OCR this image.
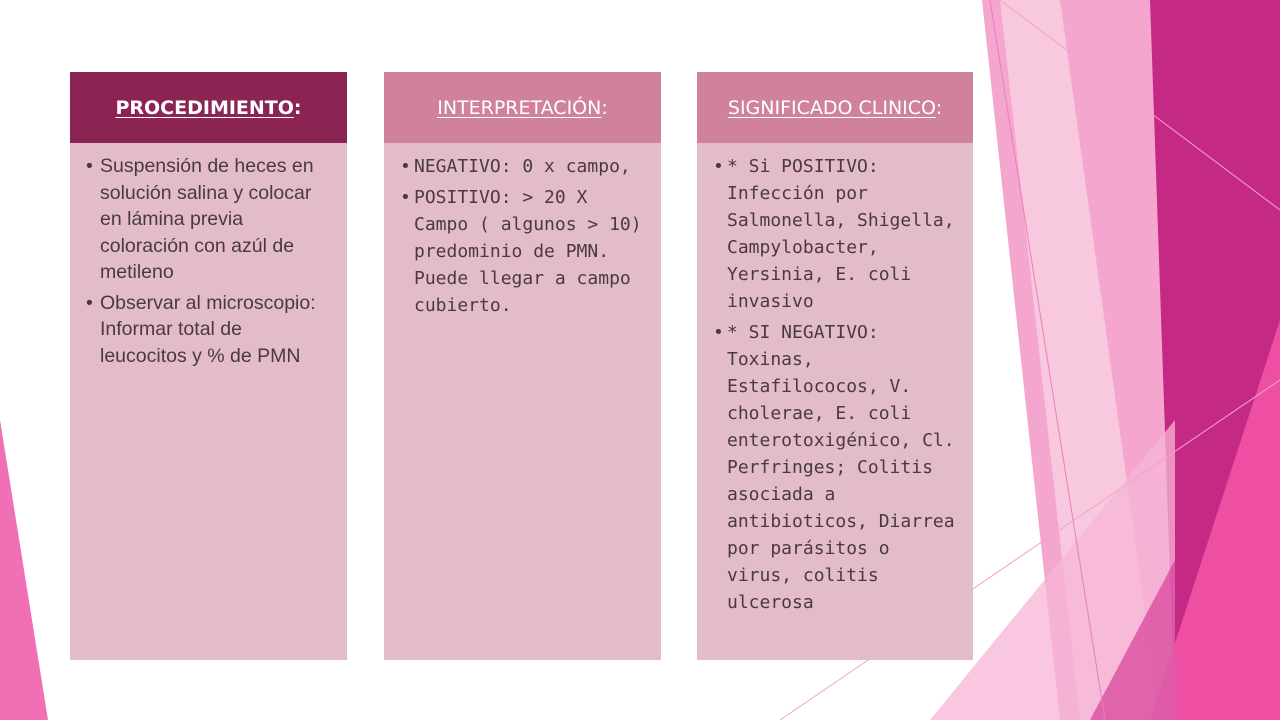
PROCEDIMIENTO:
• Suspensión de heces en solución salina y colocar en lámina previa coloración con azúl de metileno
• Observar al microscopio: Informar total de leucocitos y % de PMN
INTERPRETACIÓN:
• NEGATIVO: 0 x campo,
• POSITIVO: > 20 X Campo ( algunos > 10) predominio de PMN. Puede llegar a campo cubierto.
SIGNIFICADO CLINICO:
• * Si POSITIVO: Infección por Salmonella, Shigella, Campylobacter, Yersinia, E. coli invasivo
• * SI NEGATIVO: Toxinas, Estafilococos, V. cholerae, E. coli enterotoxigénico, Cl. Perfringes; Colitis asociada a antibioticos, Diarrea por parásitos o virus, colitis ulcerosa
